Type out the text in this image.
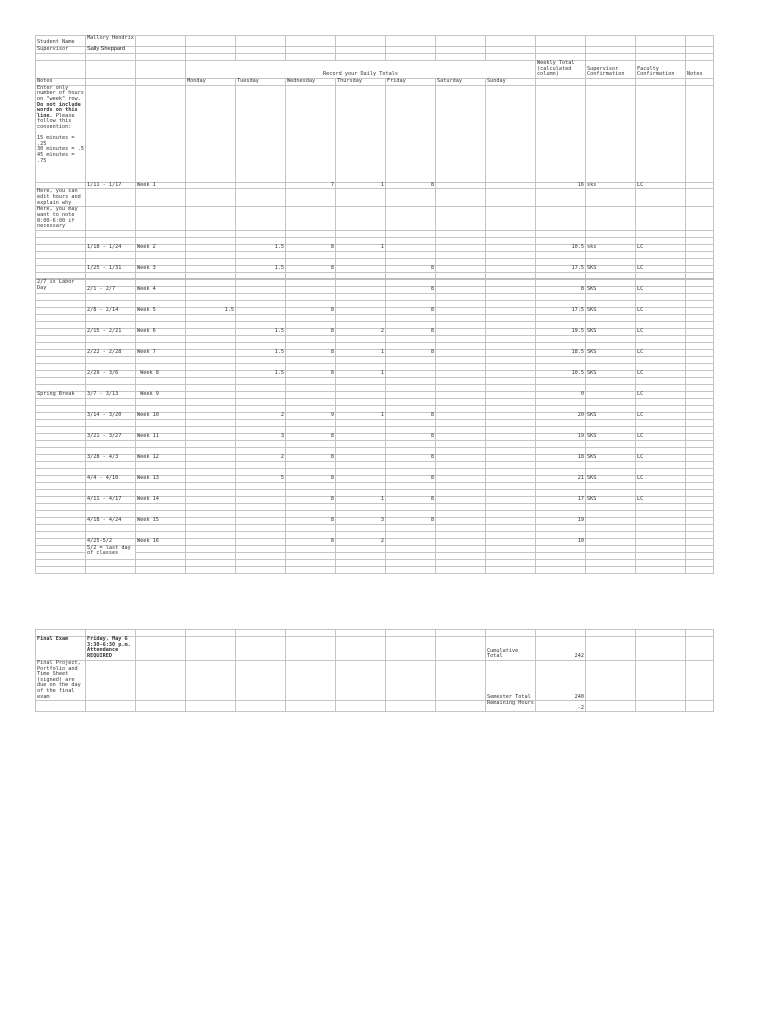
Student Name	Mallory Hendrix												
Supervisor	Sally Sheppard												

			Record your Daily Totals							Weekly Total (calculated column)	Supervisor Confirmation	Faculty Confirmation	Notes
Notes			Monday	Tuesday	Wednesday	Thursday	Friday	Saturday	Sunday				
Enter only number of hours on "week" row. Do not include words on this line. Please follow this convention:

15 minutes = .25
30 minutes = .5
45 minutes = .75													
	1/11 - 1/17	Week 1			7	1	8			16	sks	LC	
Here, you can edit hours and explain why													
Here, you may want to note 8:00-6:00 if necessary													

	1/18 - 1/24	Week 2		1.5	8	1				10.5	sks	LC	

	1/25 - 1/31	Week 3		1.5	8		8			17.5	SKS	LC	

2/7 is Labor Day													
	2/1 - 2/7	Week 4					8			8	SKS	LC	

	2/8 - 2/14	Week 5	1.5		8		8			17.5	SKS	LC	

	2/15 - 2/21	Week 6		1.5	8	2	8			19.5	SKS	LC	

	2/22 - 2/28	Week 7		1.5	8	1	8			18.5	SKS	LC	

	2/29 - 3/6	Week 8		1.5	8	1				10.5	SKS	LC	

Spring Break	3/7 - 3/13	Week 9								0		LC	

	3/14 - 3/20	Week 10		2	9	1	8			20	SKS	LC	

	3/21 - 3/27	Week 11		3	8		8			19	SKS	LC	

	3/28 - 4/3	Week 12		2	8		8			18	SKS	LC	

	4/4 - 4/10	Week 13		5	8		8			21	SKS	LC	

	4/11 - 4/17	Week 14			8	1	8			17	SKS	LC	

	4/18 - 4/24	Week 15			8	3	8			19			

	4/25-5/2	Week 16			8	2				10			
	5/2 = last day of classes												

Final Exam	Friday, May 6 3:30-6:30 p.m. Attendance REQUIRED								Cumulative Total	242			
Final Project, Portfolio and Time Sheet (signed) are due on the day of the final exam									Semester Total	240			
									Remaining Hours	-2			
